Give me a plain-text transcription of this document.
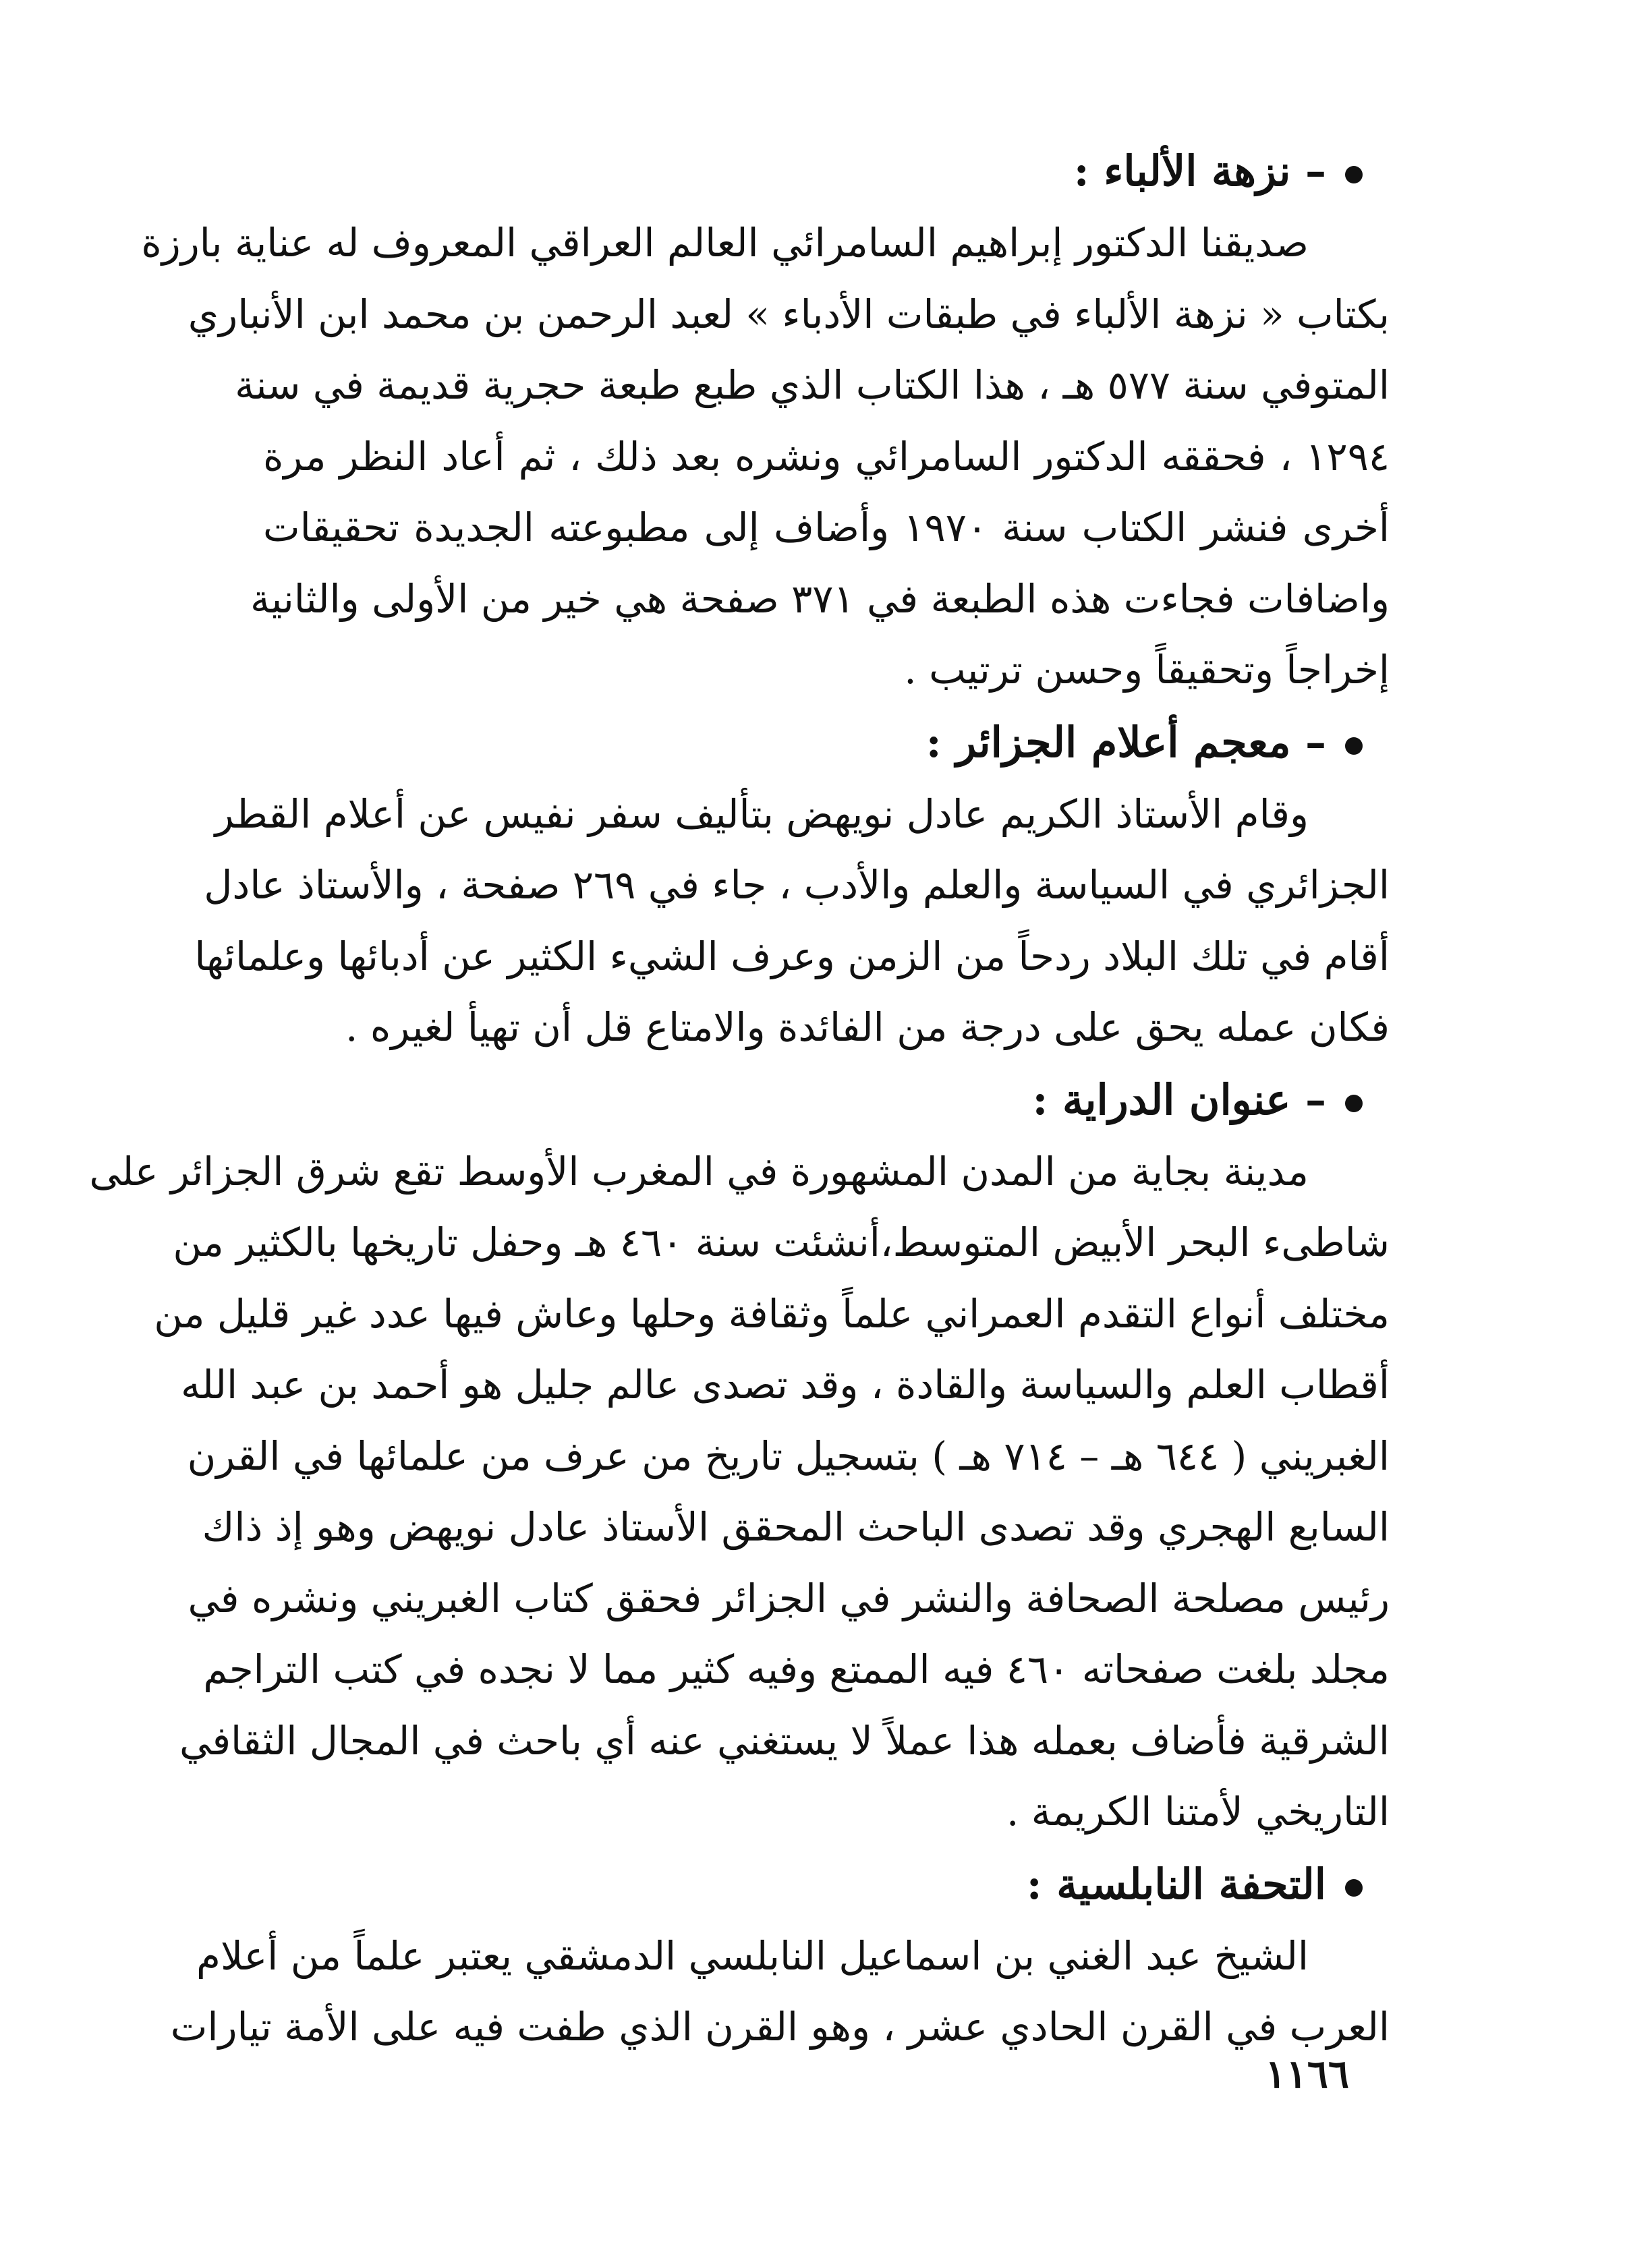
– نزهة الألباء :
صديقنا الدكتور إبراهيم السامرائي العالم العراقي المعروف له عناية بارزة
بكتاب « نزهة الألباء في طبقات الأدباء » لعبد الرحمن بن محمد ابن الأنباري
المتوفي سنة ٥٧٧ هـ ، هذا الكتاب الذي طبع طبعة حجرية قديمة في سنة
١٢٩٤ ، فحققه الدكتور السامرائي ونشره بعد ذلك ، ثم أعاد النظر مرة
أخرى فنشر الكتاب سنة ١٩٧٠ وأضاف إلى مطبوعته الجديدة تحقيقات
واضافات فجاءت هذه الطبعة في ٣٧١ صفحة هي خير من الأولى والثانية
إخراجاً وتحقيقاً وحسن ترتيب .
– معجم أعلام الجزائر :
وقام الأستاذ الكريم عادل نويهض بتأليف سفر نفيس عن أعلام القطر
الجزائري في السياسة والعلم والأدب ، جاء في ٢٦٩ صفحة ، والأستاذ عادل
أقام في تلك البلاد ردحاً من الزمن وعرف الشيء الكثير عن أدبائها وعلمائها
فكان عمله يحق على درجة من الفائدة والامتاع قل أن تهيأ لغيره .
– عنوان الدراية :
مدينة بجاية من المدن المشهورة في المغرب الأوسط تقع شرق الجزائر على
شاطىء البحر الأبيض المتوسط،أنشئت سنة ٤٦٠ هـ وحفل تاريخها بالكثير من
مختلف أنواع التقدم العمراني علماً وثقافة وحلها وعاش فيها عدد غير قليل من
أقطاب العلم والسياسة والقادة ، وقد تصدى عالم جليل هو أحمد بن عبد الله
الغبريني ( ٦٤٤ هـ – ٧١٤ هـ ) بتسجيل تاريخ من عرف من علمائها في القرن
السابع الهجري وقد تصدى الباحث المحقق الأستاذ عادل نويهض وهو إذ ذاك
رئيس مصلحة الصحافة والنشر في الجزائر فحقق كتاب الغبريني ونشره في
مجلد بلغت صفحاته ٤٦٠ فيه الممتع وفيه كثير مما لا نجده في كتب التراجم
الشرقية فأضاف بعمله هذا عملاً لا يستغني عنه أي باحث في المجال الثقافي
التاريخي لأمتنا الكريمة .
التحفة النابلسية :
الشيخ عبد الغني بن اسماعيل النابلسي الدمشقي يعتبر علماً من أعلام
العرب في القرن الحادي عشر ، وهو القرن الذي طفت فيه على الأمة تيارات
١١٦٦
